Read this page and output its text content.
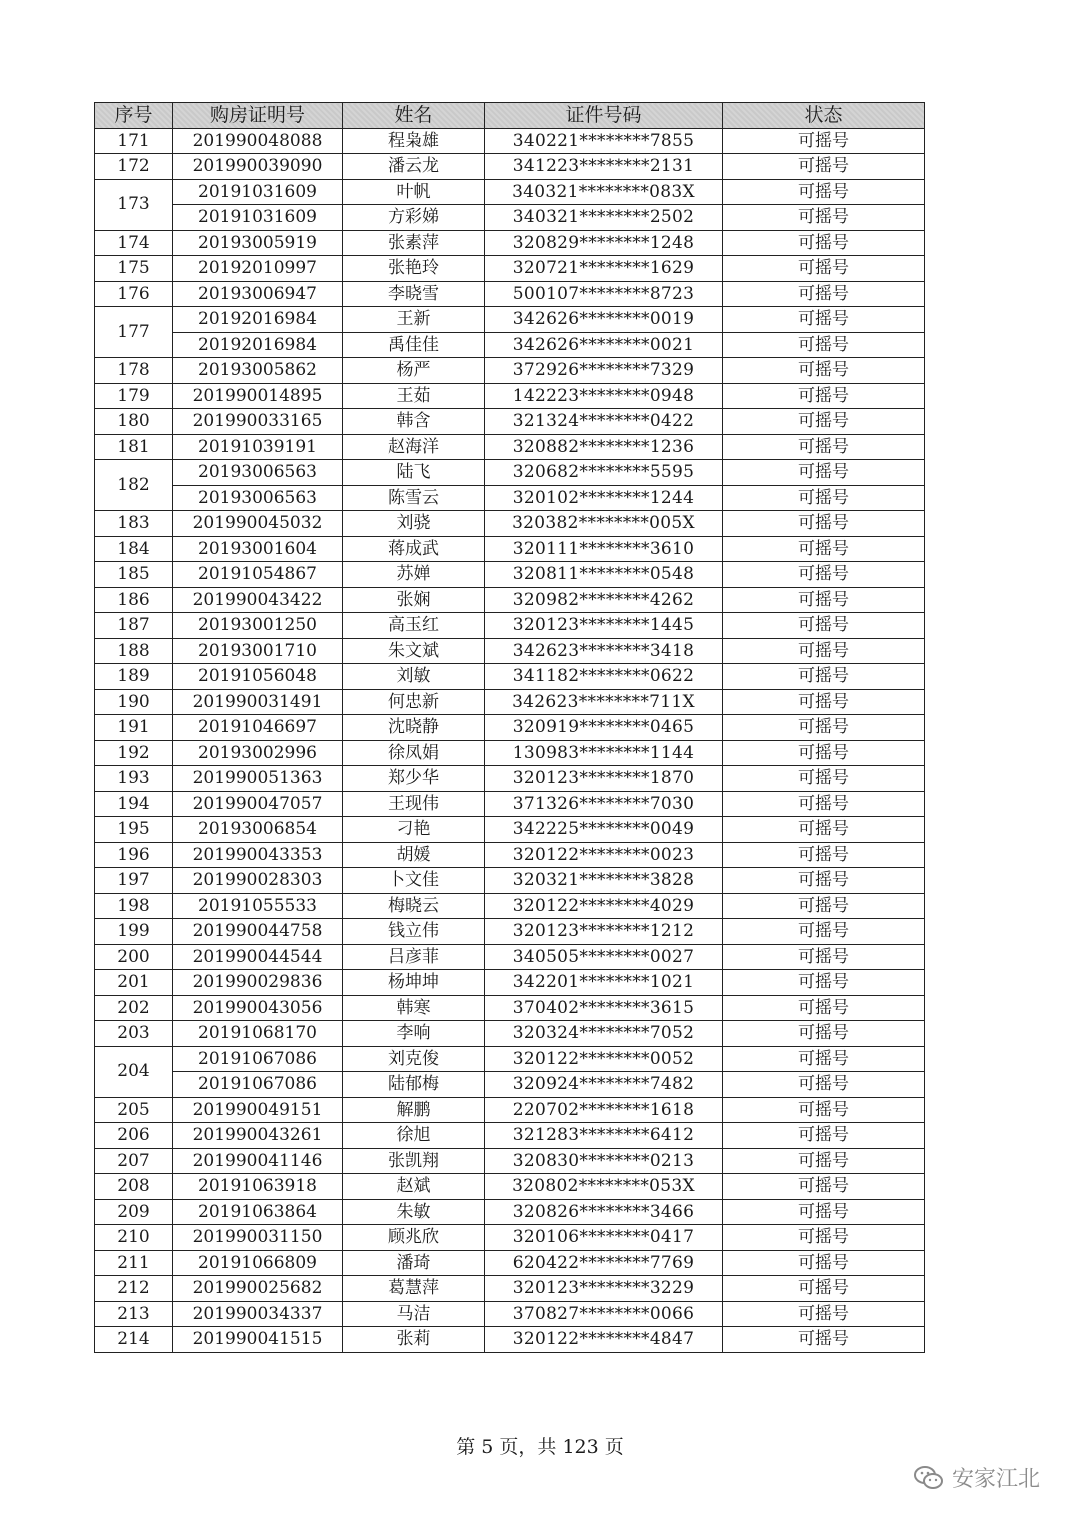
序号	购房证明号	姓名	证件号码	状态
171	201990048088	程枭雄	340221********7855	可摇号
172	201990039090	潘云龙	341223********2131	可摇号
173	20191031609	叶帆	340321********083X	可摇号
	20191031609	方彩娣	340321********2502	可摇号
174	20193005919	张素萍	320829********1248	可摇号
175	20192010997	张艳玲	320721********1629	可摇号
176	20193006947	李晓雪	500107********8723	可摇号
177	20192016984	王新	342626********0019	可摇号
	20192016984	禹佳佳	342626********0021	可摇号
178	20193005862	杨严	372926********7329	可摇号
179	201990014895	王茹	142223********0948	可摇号
180	201990033165	韩含	321324********0422	可摇号
181	20191039191	赵海洋	320882********1236	可摇号
182	20193006563	陆飞	320682********5595	可摇号
	20193006563	陈雪云	320102********1244	可摇号
183	201990045032	刘骁	320382********005X	可摇号
184	20193001604	蒋成武	320111********3610	可摇号
185	20191054867	苏婵	320811********0548	可摇号
186	201990043422	张娴	320982********4262	可摇号
187	20193001250	高玉红	320123********1445	可摇号
188	20193001710	朱文斌	342623********3418	可摇号
189	20191056048	刘敏	341182********0622	可摇号
190	201990031491	何忠新	342623********711X	可摇号
191	20191046697	沈晓静	320919********0465	可摇号
192	20193002996	徐凤娟	130983********1144	可摇号
193	201990051363	郑少华	320123********1870	可摇号
194	201990047057	王现伟	371326********7030	可摇号
195	20193006854	刁艳	342225********0049	可摇号
196	201990043353	胡媛	320122********0023	可摇号
197	201990028303	卜文佳	320321********3828	可摇号
198	20191055533	梅晓云	320122********4029	可摇号
199	201990044758	钱立伟	320123********1212	可摇号
200	201990044544	吕彦菲	340505********0027	可摇号
201	201990029836	杨坤坤	342201********1021	可摇号
202	201990043056	韩寒	370402********3615	可摇号
203	20191068170	李响	320324********7052	可摇号
204	20191067086	刘克俊	320122********0052	可摇号
	20191067086	陆郁梅	320924********7482	可摇号
205	201990049151	解鹏	220702********1618	可摇号
206	201990043261	徐旭	321283********6412	可摇号
207	201990041146	张凯翔	320830********0213	可摇号
208	20191063918	赵斌	320802********053X	可摇号
209	20191063864	朱敏	320826********3466	可摇号
210	201990031150	顾兆欣	320106********0417	可摇号
211	20191066809	潘琦	620422********7769	可摇号
212	201990025682	葛慧萍	320123********3229	可摇号
213	201990034337	马洁	370827********0066	可摇号
214	201990041515	张莉	320122********4847	可摇号
第 5 页，共 123 页
安家江北
